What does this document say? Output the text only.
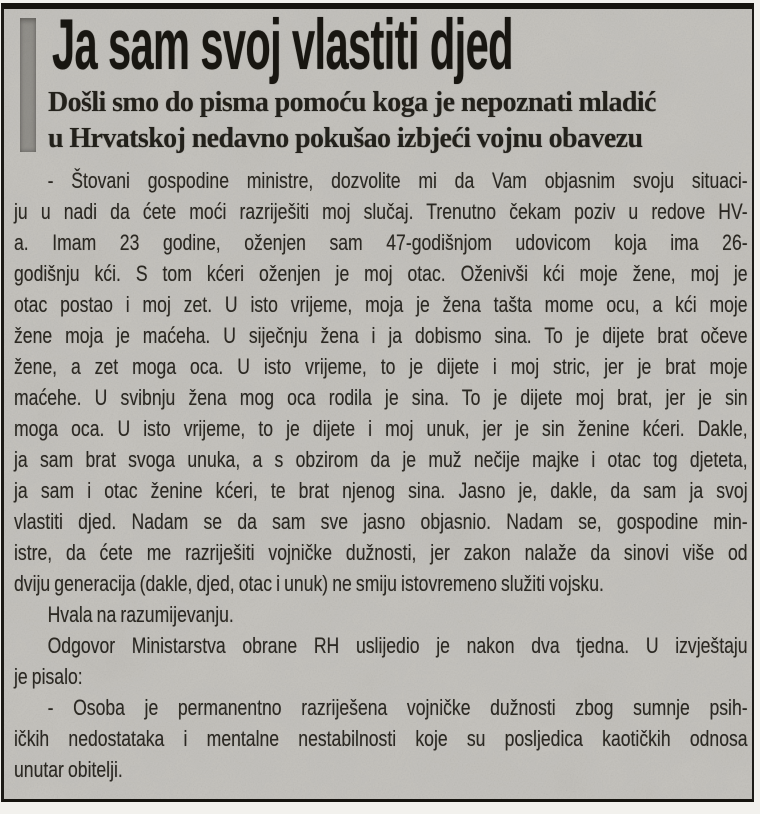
Ja sam svoj vlastiti djed
Došli smo do pisma pomoću koga je nepoznati mladić
u Hrvatskoj nedavno pokušao izbjeći vojnu obavezu
- Štovani gospodine ministre, dozvolite mi da Vam objasnim svoju situaci-
ju u nadi da ćete moći razriješiti moj slučaj. Trenutno čekam poziv u redove HV-
a. Imam 23 godine, oženjen sam 47-godišnjom udovicom koja ima 26-
godišnju kći. S tom kćeri oženjen je moj otac. Oženivši kći moje žene, moj je
otac postao i moj zet. U isto vrijeme, moja je žena tašta mome ocu, a kći moje
žene moja je maćeha. U siječnju žena i ja dobismo sina. To je dijete brat očeve
žene, a zet moga oca. U isto vrijeme, to je dijete i moj stric, jer je brat moje
maćehe. U svibnju žena mog oca rodila je sina. To je dijete moj brat, jer je sin
moga oca. U isto vrijeme, to je dijete i moj unuk, jer je sin ženine kćeri. Dakle,
ja sam brat svoga unuka, a s obzirom da je muž nečije majke i otac tog djeteta,
ja sam i otac ženine kćeri, te brat njenog sina. Jasno je, dakle, da sam ja svoj
vlastiti djed. Nadam se da sam sve jasno objasnio. Nadam se, gospodine min-
istre, da ćete me razriješiti vojničke dužnosti, jer zakon nalaže da sinovi više od
dviju generacija (dakle, djed, otac i unuk) ne smiju istovremeno služiti vojsku.
Hvala na razumijevanju.
Odgovor Ministarstva obrane RH uslijedio je nakon dva tjedna. U izvještaju
je pisalo:
- Osoba je permanentno razriješena vojničke dužnosti zbog sumnje psih-
ičkih nedostataka i mentalne nestabilnosti koje su posljedica kaotičkih odnosa
unutar obitelji.
